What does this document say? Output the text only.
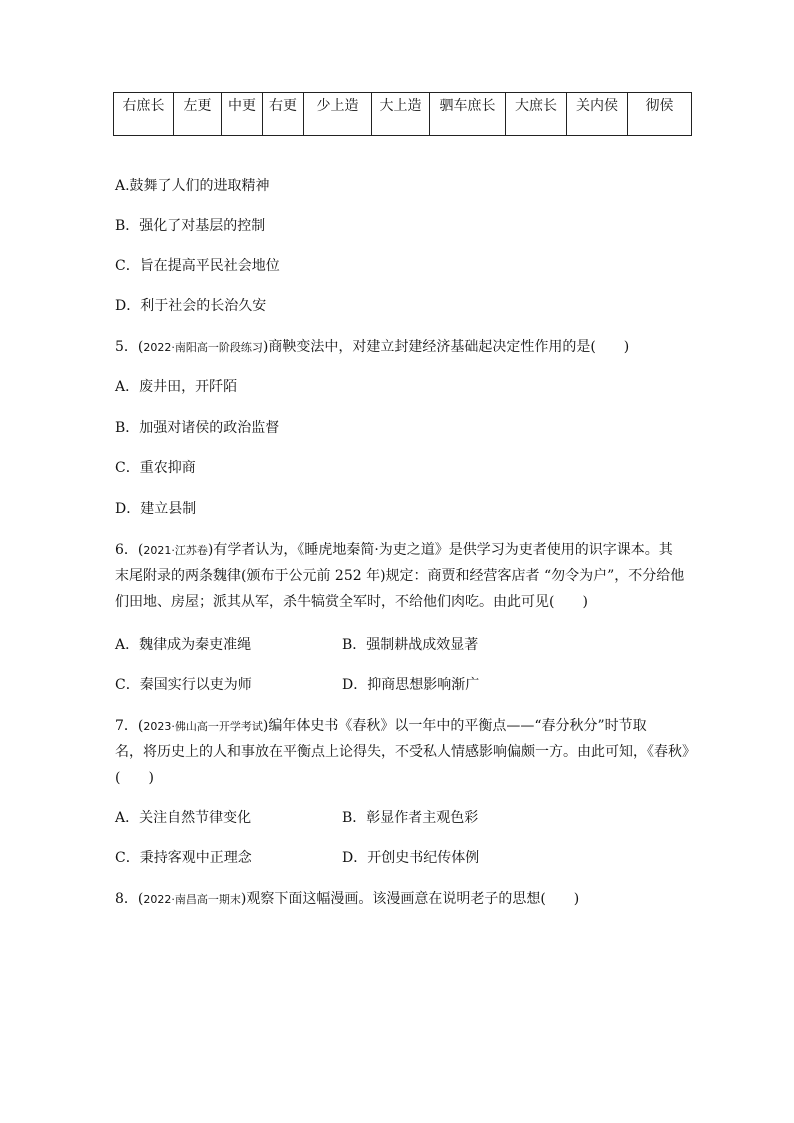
右庶长	左更	中更	右更	少上造	大上造	驷车庶长	大庶长	关内侯	彻侯

A.鼓舞了人们的进取精神

B．强化了对基层的控制

C．旨在提高平民社会地位

D．利于社会的长治久安

5．(2022·南阳高一阶段练习)商鞅变法中，对建立封建经济基础起决定性作用的是(　　)

A．废井田，开阡陌

B．加强对诸侯的政治监督

C．重农抑商

D．建立县制

6．(2021·江苏卷)有学者认为，《睡虎地秦简·为吏之道》是供学习为吏者使用的识字课本。其

末尾附录的两条魏律(颁布于公元前 252 年)规定：商贾和经营客店者 “勿令为户”，不分给他

们田地、房屋；派其从军，杀牛犒赏全军时，不给他们肉吃。由此可见(　　)

A．魏律成为秦吏准绳	B．强制耕战成效显著

C．秦国实行以吏为师	D．抑商思想影响渐广

7．(2023·佛山高一开学考试)编年体史书《春秋》以一年中的平衡点——“春分秋分”时节取

名，将历史上的人和事放在平衡点上论得失，不受私人情感影响偏颇一方。由此可知，《春秋》

(　　)

A．关注自然节律变化	B．彰显作者主观色彩

C．秉持客观中正理念	D．开创史书纪传体例

8．(2022·南昌高一期末)观察下面这幅漫画。该漫画意在说明老子的思想(　　)
